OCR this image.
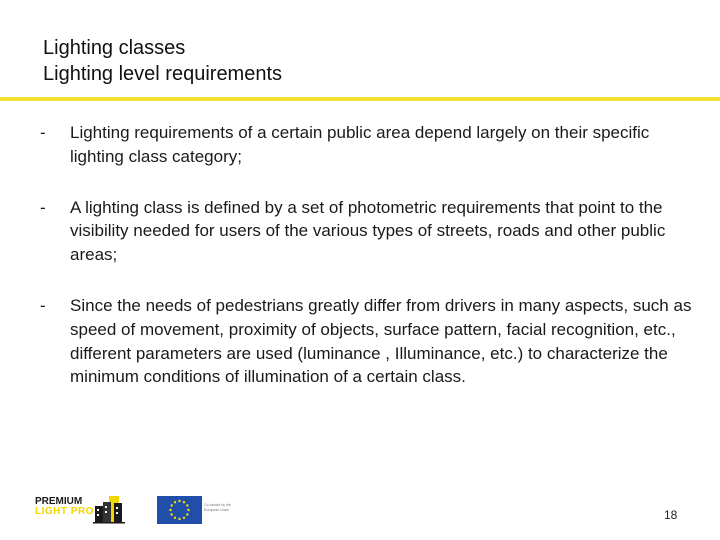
Lighting classes
Lighting level requirements
-	Lighting requirements of a certain public area depend largely on their specific lighting class category;
-	A lighting class is defined by a set of photometric requirements that point to the visibility needed for users of the various types of streets, roads and other public areas;
-	Since the needs of pedestrians greatly differ from drivers in many aspects, such as speed of movement, proximity of objects, surface pattern, facial recognition, etc., different parameters are used (luminance , Illuminance, etc.) to characterize the minimum conditions of illumination of a certain class.
PREMIUM
LIGHT PRO
Co-funded by the European Union	18
